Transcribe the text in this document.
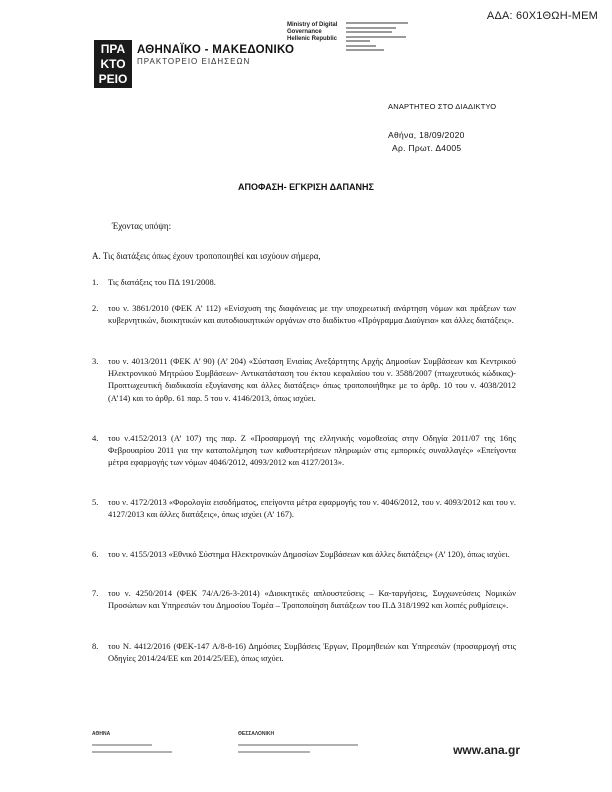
ΑΔΑ: 60Χ1ΘΩΗ-ΜΕΜ
ΠΡΑ
ΚΤΟ
ΡΕΙΟ
ΑΘΗΝΑΪΚΟ - ΜΑΚΕΔΟΝΙΚΟ
ΠΡΑΚΤΟΡΕΙΟ ΕΙΔΗΣΕΩΝ
Ministry of Digital
Governance
Hellenic Republic
ΑΝΑΡΤΗΤΕΟ ΣΤΟ ΔΙΑΔΙΚΤΥΟ
Αθήνα, 18/09/2020
Αρ. Πρωτ. Δ4005
ΑΠΟΦΑΣΗ- ΕΓΚΡΙΣΗ ΔΑΠΑΝΗΣ
Έχοντας υπόψη:
Α. Τις διατάξεις όπως έχουν τροποποιηθεί και ισχύουν σήμερα,
1.	Τις διατάξεις του ΠΔ 191/2008.
2.	του ν. 3861/2010 (ΦΕΚ Α’ 112) «Ενίσχυση της διαφάνειας με την υποχρεωτική ανάρτηση νόμων και πράξεων των κυβερνητικών, διοικητικών και αυτοδιοικητικών οργάνων στο διαδίκτυο «Πρόγραμμα Διαύγεια» και άλλες διατάξεις».
3.	του ν. 4013/2011 (ΦΕΚ Α’ 90) (Α’ 204) «Σύσταση Ενιαίας Ανεξάρτητης Αρχής Δημοσίων Συμβάσεων και Κεντρικού Ηλεκτρονικού Μητρώου Συμβάσεων- Αντικατάσταση του έκτου κεφαλαίου του ν. 3588/2007 (πτωχευτικός κώδικας)- Προπτωχευτική διαδικασία εξυγίανσης και άλλες διατάξεις» όπως τροποποιήθηκε με το άρθρ. 10 του ν. 4038/2012 (Α’14) και το άρθρ. 61 παρ. 5 του ν. 4146/2013, όπως ισχύει.
4.	του ν.4152/2013 (Α’ 107) της παρ. Ζ «Προσαρμογή της ελληνικής νομοθεσίας στην Οδηγία 2011/07 της 16ης Φεβρουαρίου 2011 για την καταπολέμηση των καθυστερήσεων πληρωμών στις εμπορικές συναλλαγές» «Επείγοντα μέτρα εφαρμογής των νόμων 4046/2012, 4093/2012 και 4127/2013».
5.	του ν. 4172/2013 «Φορολογία εισοδήματος, επείγοντα μέτρα εφαρμογής του ν. 4046/2012, του ν. 4093/2012 και του ν. 4127/2013 και άλλες διατάξεις», όπως ισχύει (Α’ 167).
6.	του ν. 4155/2013 «Εθνικό Σύστημα Ηλεκτρονικών Δημοσίων Συμβάσεων και άλλες διατάξεις» (Α’ 120), όπως ισχύει.
7.	του ν. 4250/2014 (ΦΕΚ 74/Α/26-3-2014) «Διοικητικές απλουστεύσεις – Κα-ταργήσεις, Συγχωνεύσεις Νομικών Προσώπων και Υπηρεσιών του Δημοσίου Τομέα – Τροποποίηση διατάξεων του Π.Δ 318/1992 και λοιπές ρυθμίσεις».
8.	του Ν. 4412/2016 (ΦΕΚ-147 Α/8-8-16) Δημόσιες Συμβάσεις Έργων, Προμηθειών και Υπηρεσιών (προσαρμογή στις Οδηγίες 2014/24/ΕΕ και 2014/25/ΕΕ), όπως ισχύει.
ΑΘΗΝΑ	ΘΕΣΣΑΛΟΝΙΚΗ
www.ana.gr
